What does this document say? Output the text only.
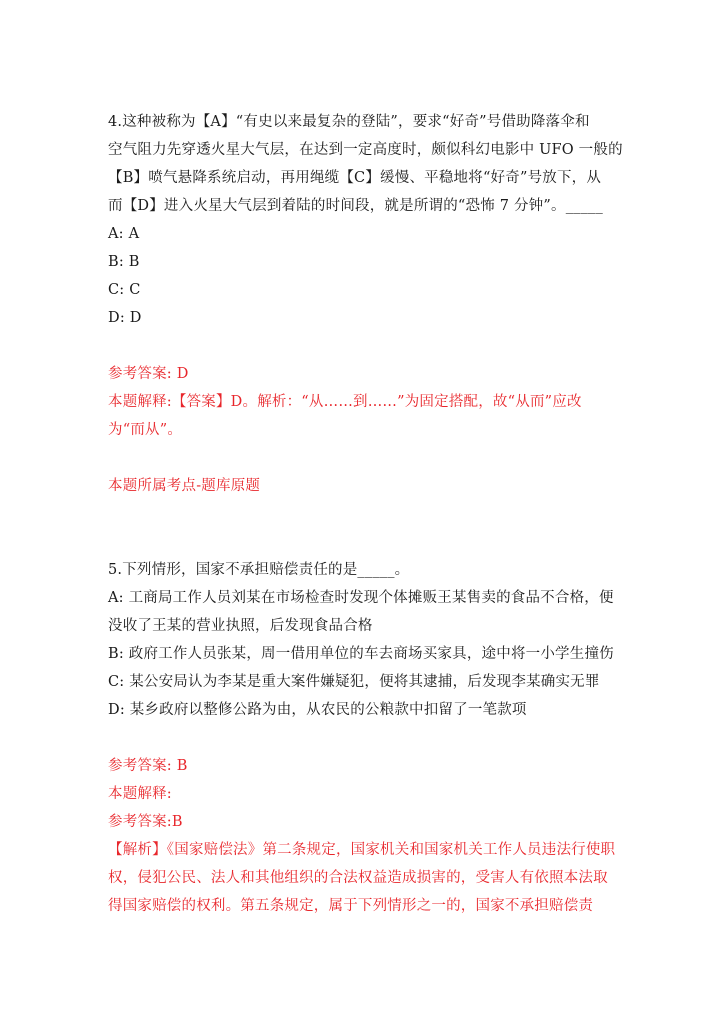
4.这种被称为【A】“有史以来最复杂的登陆”，要求“好奇”号借助降落伞和
空气阻力先穿透火星大气层，在达到一定高度时，颇似科幻电影中 UFO 一般的
【B】喷气悬降系统启动，再用绳缆【C】缓慢、平稳地将“好奇”号放下，从
而【D】进入火星大气层到着陆的时间段，就是所谓的“恐怖 7 分钟”。_____
A: A
B: B
C: C
D: D
参考答案: D
本题解释:【答案】D。解析：“从……到……”为固定搭配，故“从而”应改
为“而从”。
本题所属考点-题库原题
5.下列情形，国家不承担赔偿责任的是_____。
A: 工商局工作人员刘某在市场检查时发现个体摊贩王某售卖的食品不合格，便
没收了王某的营业执照，后发现食品合格
B: 政府工作人员张某，周一借用单位的车去商场买家具，途中将一小学生撞伤
C: 某公安局认为李某是重大案件嫌疑犯，便将其逮捕，后发现李某确实无罪
D: 某乡政府以整修公路为由，从农民的公粮款中扣留了一笔款项
参考答案: B
本题解释:
参考答案:B
【解析】《国家赔偿法》第二条规定，国家机关和国家机关工作人员违法行使职
权，侵犯公民、法人和其他组织的合法权益造成损害的，受害人有依照本法取
得国家赔偿的权利。第五条规定，属于下列情形之一的，国家不承担赔偿责
